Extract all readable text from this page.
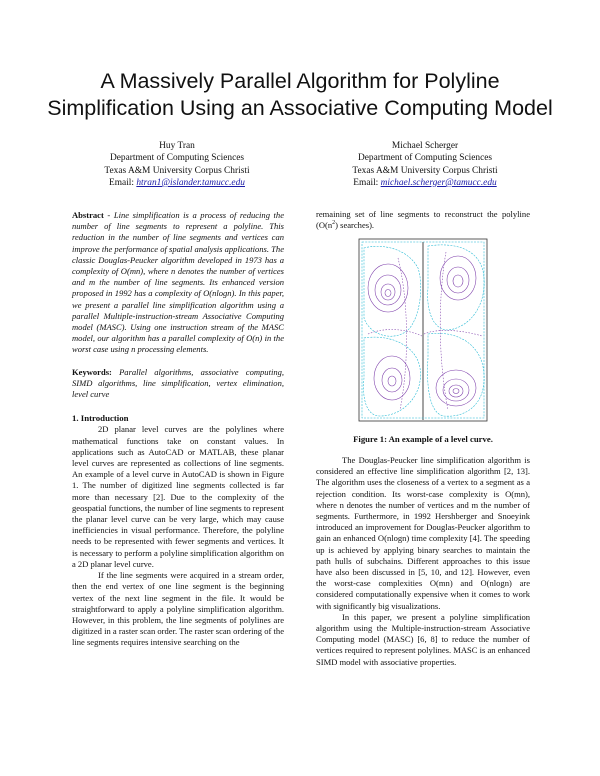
A Massively Parallel Algorithm for Polyline
Simplification Using an Associative Computing Model
Huy Tran
Department of Computing Sciences
Texas A&M University Corpus Christi
Email: htran1@islander.tamucc.edu
Michael Scherger
Department of Computing Sciences
Texas A&M University Corpus Christi
Email: michael.scherger@tamucc.edu

Abstract - Line simplification is a process of reducing the number of line segments to represent a polyline. This reduction in the number of line segments and vertices can improve the performance of spatial analysis applications. The classic Douglas-Peucker algorithm developed in 1973 has a complexity of O(mn), where n denotes the number of vertices and m the number of line segments. Its enhanced version proposed in 1992 has a complexity of O(nlogn). In this paper, we present a parallel line simplification algorithm using a parallel Multiple-instruction-stream Associative Computing model (MASC). Using one instruction stream of the MASC model, our algorithm has a parallel complexity of O(n) in the worst case using n processing elements.

Keywords: Parallel algorithms, associative computing, SIMD algorithms, line simplification, vertex elimination, level curve

1. Introduction

2D planar level curves are the polylines where mathematical functions take on constant values. In applications such as AutoCAD or MATLAB, these planar level curves are represented as collections of line segments. An example of a level curve in AutoCAD is shown in Figure 1. The number of digitized line segments collected is far more than necessary [2]. Due to the complexity of the geospatial functions, the number of line segments to represent the planar level curve can be very large, which may cause inefficiencies in visual performance. Therefore, the polyline needs to be represented with fewer segments and vertices. It is necessary to perform a polyline simplification algorithm on a 2D planar level curve.

If the line segments were acquired in a stream order, then the end vertex of one line segment is the beginning vertex of the next line segment in the file. It would be straightforward to apply a polyline simplification algorithm. However, in this problem, the line segments of polylines are digitized in a raster scan order. The raster scan ordering of the line segments requires intensive searching on the

remaining set of line segments to reconstruct the polyline ($O(n^2)$ searches).

Figure 1: An example of a level curve.

The Douglas-Peucker line simplification algorithm is considered an effective line simplification algorithm [2, 13]. The algorithm uses the closeness of a vertex to a segment as a rejection condition. Its worst-case complexity is O(mn), where n denotes the number of vertices and m the number of segments. Furthermore, in 1992 Hershberger and Snoeyink introduced an improvement for Douglas-Peucker algorithm to gain an enhanced O(nlogn) time complexity [4]. The speeding up is achieved by applying binary searches to maintain the path hulls of subchains. Different approaches to this issue have also been discussed in [5, 10, and 12]. However, even the worst-case complexities O(mn) and O(nlogn) are considered computationally expensive when it comes to work with significantly big visualizations.

In this paper, we present a polyline simplification algorithm using the Multiple-instruction-stream Associative Computing model (MASC) [6, 8] to reduce the number of vertices required to represent polylines. MASC is an enhanced SIMD model with associative properties.
